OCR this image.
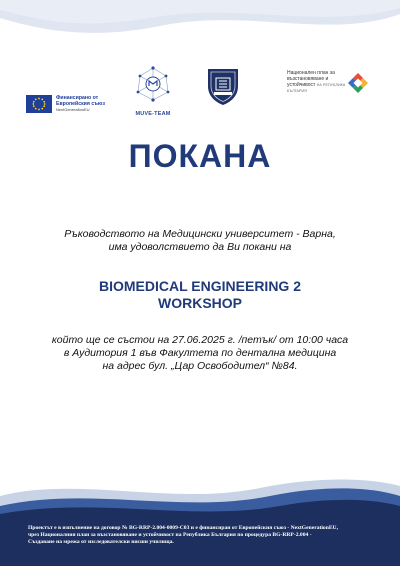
Финансирано от
Европейския съюз
NextGenerationEU
MUVE-TEAM
Национален план за възстановяване и устойчивост НА РЕПУБЛИКА БЪЛГАРИЯ
ПОКАНА
Ръководството на Медицински университет - Варна,
има удоволствието да Ви покани на
BIOMEDICAL ENGINEERING 2
WORKSHOP
който ще се състои на 27.06.2025 г. /петък/ от 10:00 часа
в Аудитория 1 във Факултета по дентална медицина
на адрес бул. „Цар Освободител“ №84.
Проектът е в изпълнение на договор № BG-RRP-2.004-0009-C03 и е финансиран от Европейския съюз - NextGenerationEU,
чрез Националния план за възстановяване и устойчивост на Република България по процедура BG-RRP-2.004 -
Създаване на мрежа от изследователски висши училища.
